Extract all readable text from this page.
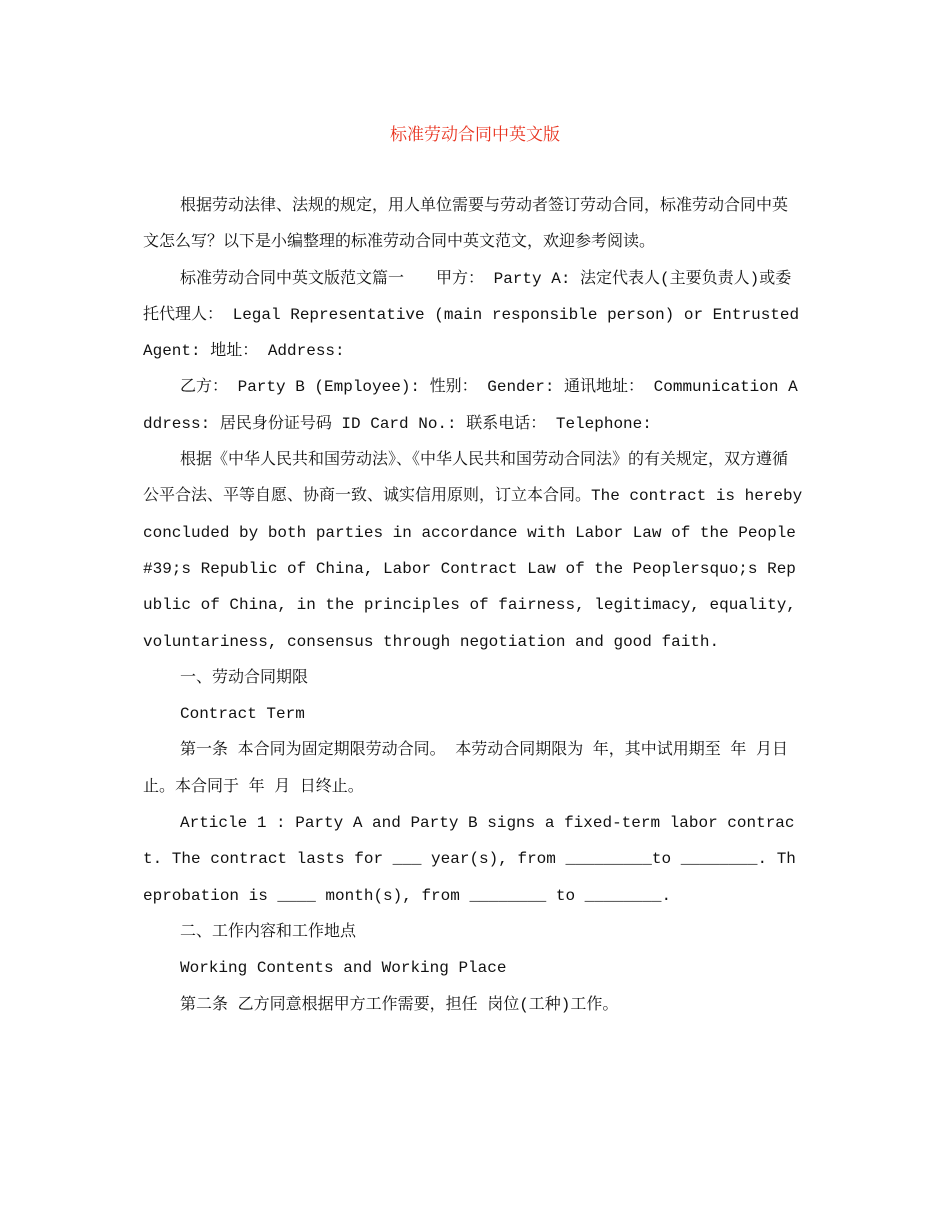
标准劳动合同中英文版

根据劳动法律、法规的规定，用人单位需要与劳动者签订劳动合同，标准劳动合同中英文怎么写？以下是小编整理的标准劳动合同中英文范文，欢迎参考阅读。

标准劳动合同中英文版范文篇一　　甲方： Party A: 法定代表人(主要负责人)或委托代理人： Legal Representative (main responsible person) or Entrusted Agent: 地址： Address:

乙方： Party B (Employee): 性别： Gender: 通讯地址： Communication Address: 居民身份证号码 ID Card No.: 联系电话： Telephone:

根据《中华人民共和国劳动法》、《中华人民共和国劳动合同法》的有关规定，双方遵循公平合法、平等自愿、协商一致、诚实信用原则，订立本合同。The contract is hereby concluded by both parties in accordance with Labor Law of the People#39;s Republic of China, Labor Contract Law of the Peoplersquo;s Republic of China, in the principles of fairness, legitimacy, equality, voluntariness, consensus through negotiation and good faith.

一、劳动合同期限

Contract Term

第一条 本合同为固定期限劳动合同。 本劳动合同期限为 年，其中试用期至 年 月日止。本合同于 年 月 日终止。

Article 1 : Party A and Party B signs a fixed-term labor contract. The contract lasts for ___ year(s), from _________to ________. Theprobation is ____ month(s), from ________ to ________.

二、工作内容和工作地点

Working Contents and Working Place

第二条 乙方同意根据甲方工作需要，担任 岗位(工种)工作。
